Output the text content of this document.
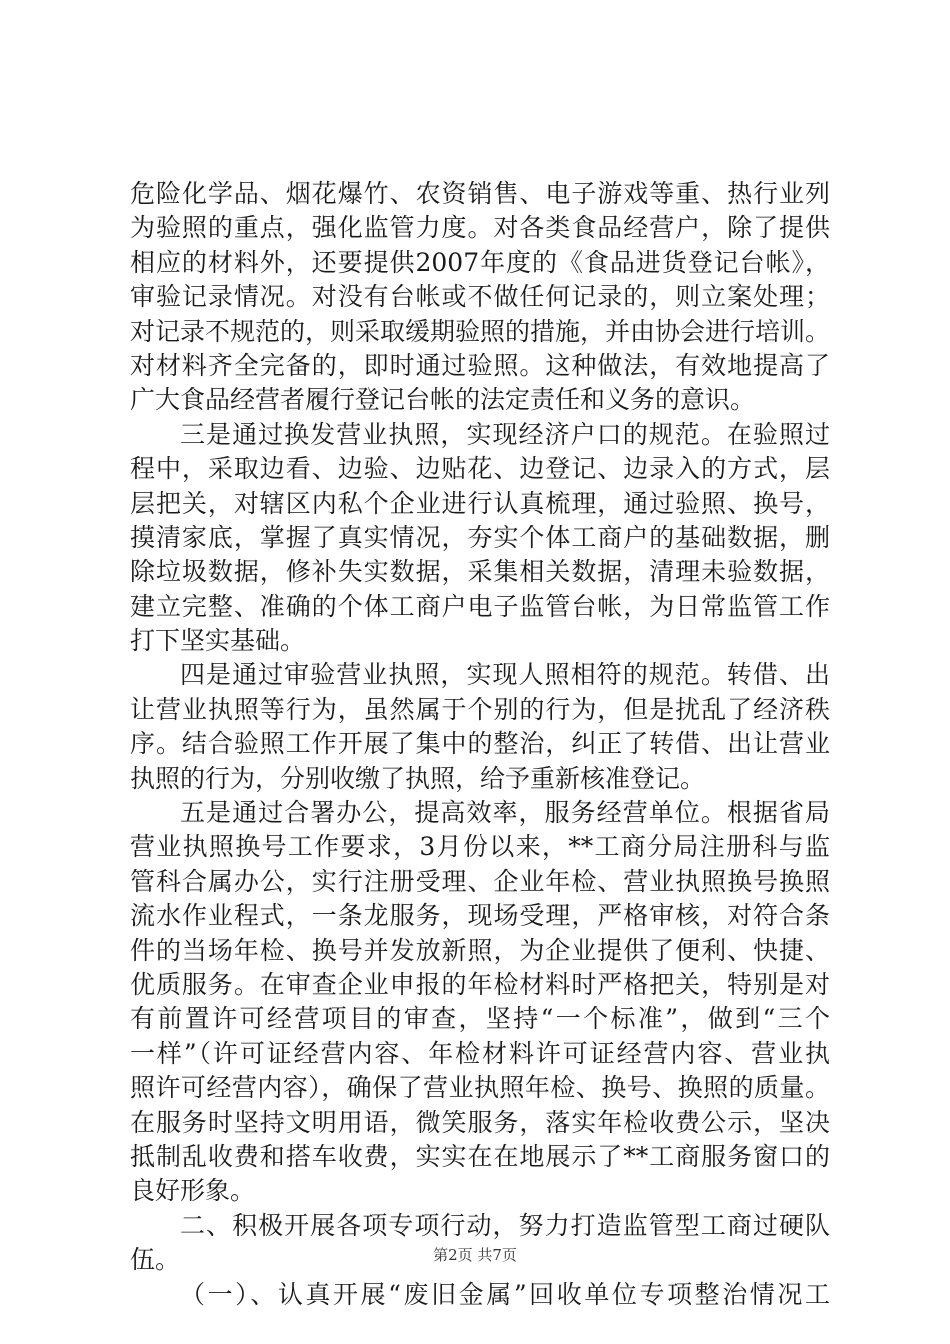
危险化学品、烟花爆竹、农资销售、电子游戏等重、热行业列
为验照的重点，强化监管力度。对各类食品经营户，除了提供
相应的材料外，还要提供2007年度的《食品进货登记台帐》，
审验记录情况。对没有台帐或不做任何记录的，则立案处理；
对记录不规范的，则采取缓期验照的措施，并由协会进行培训。
对材料齐全完备的，即时通过验照。这种做法，有效地提高了
广大食品经营者履行登记台帐的法定责任和义务的意识。
三是通过换发营业执照，实现经济户口的规范。在验照过
程中，采取边看、边验、边贴花、边登记、边录入的方式，层
层把关，对辖区内私个企业进行认真梳理，通过验照、换号，
摸清家底，掌握了真实情况，夯实个体工商户的基础数据，删
除垃圾数据，修补失实数据，采集相关数据，清理未验数据，
建立完整、准确的个体工商户电子监管台帐，为日常监管工作
打下坚实基础。
四是通过审验营业执照，实现人照相符的规范。转借、出
让营业执照等行为，虽然属于个别的行为，但是扰乱了经济秩
序。结合验照工作开展了集中的整治，纠正了转借、出让营业
执照的行为，分别收缴了执照，给予重新核准登记。
五是通过合署办公，提高效率，服务经营单位。根据省局
营业执照换号工作要求，3月份以来，**工商分局注册科与监
管科合属办公，实行注册受理、企业年检、营业执照换号换照
流水作业程式，一条龙服务，现场受理，严格审核，对符合条
件的当场年检、换号并发放新照，为企业提供了便利、快捷、
优质服务。在审查企业申报的年检材料时严格把关，特别是对
有前置许可经营项目的审查，坚持“一个标准”，做到“三个
一样”（许可证经营内容、年检材料许可证经营内容、营业执
照许可经营内容），确保了营业执照年检、换号、换照的质量。
在服务时坚持文明用语，微笑服务，落实年检收费公示，坚决
抵制乱收费和搭车收费，实实在在地展示了**工商服务窗口的
良好形象。
二、积极开展各项专项行动，努力打造监管型工商过硬队
伍。
（一）、认真开展“废旧金属”回收单位专项整治情况工
第2页 共7页
